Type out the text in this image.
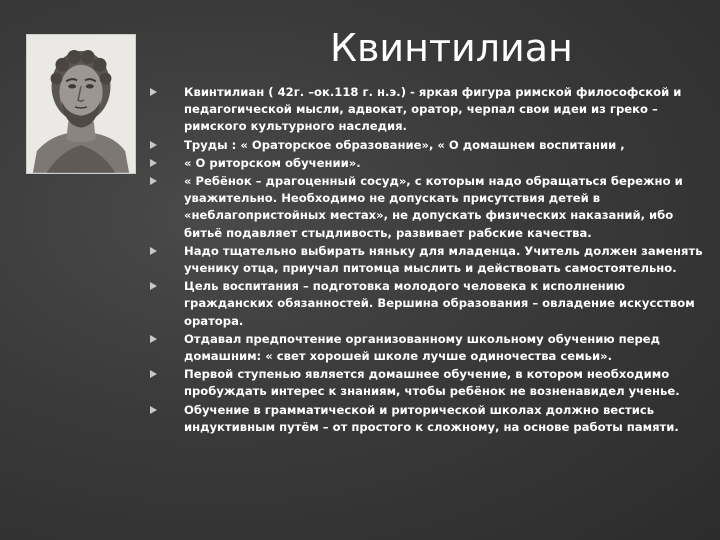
Квинтилиан
Квинтилиан ( 42г. –ок.118 г. н.э.) - яркая фигура римской философской и педагогической мысли, адвокат, оратор, черпал свои идеи из греко – римского культурного наследия.
Труды : « Ораторское образование», « О домашнем воспитании ,
« О риторском обучении».
« Ребёнок – драгоценный сосуд», с которым надо обращаться бережно и уважительно. Необходимо не допускать присутствия детей в «неблагопристойных местах», не допускать физических наказаний, ибо битьё подавляет стыдливость, развивает рабские качества.
Надо тщательно выбирать няньку для младенца. Учитель должен заменять ученику отца, приучал питомца мыслить и действовать самостоятельно.
Цель воспитания – подготовка молодого человека к исполнению гражданских обязанностей. Вершина образования – овладение искусством оратора.
Отдавал предпочтение организованному школьному обучению перед домашним: « свет хорошей школе лучше одиночества семьи».
Первой ступенью является домашнее обучение, в котором необходимо пробуждать интерес к знаниям, чтобы ребёнок не возненавидел ученье.
Обучение в грамматической и риторической школах должно вестись индуктивным путём – от простого к сложному, на основе работы памяти.
